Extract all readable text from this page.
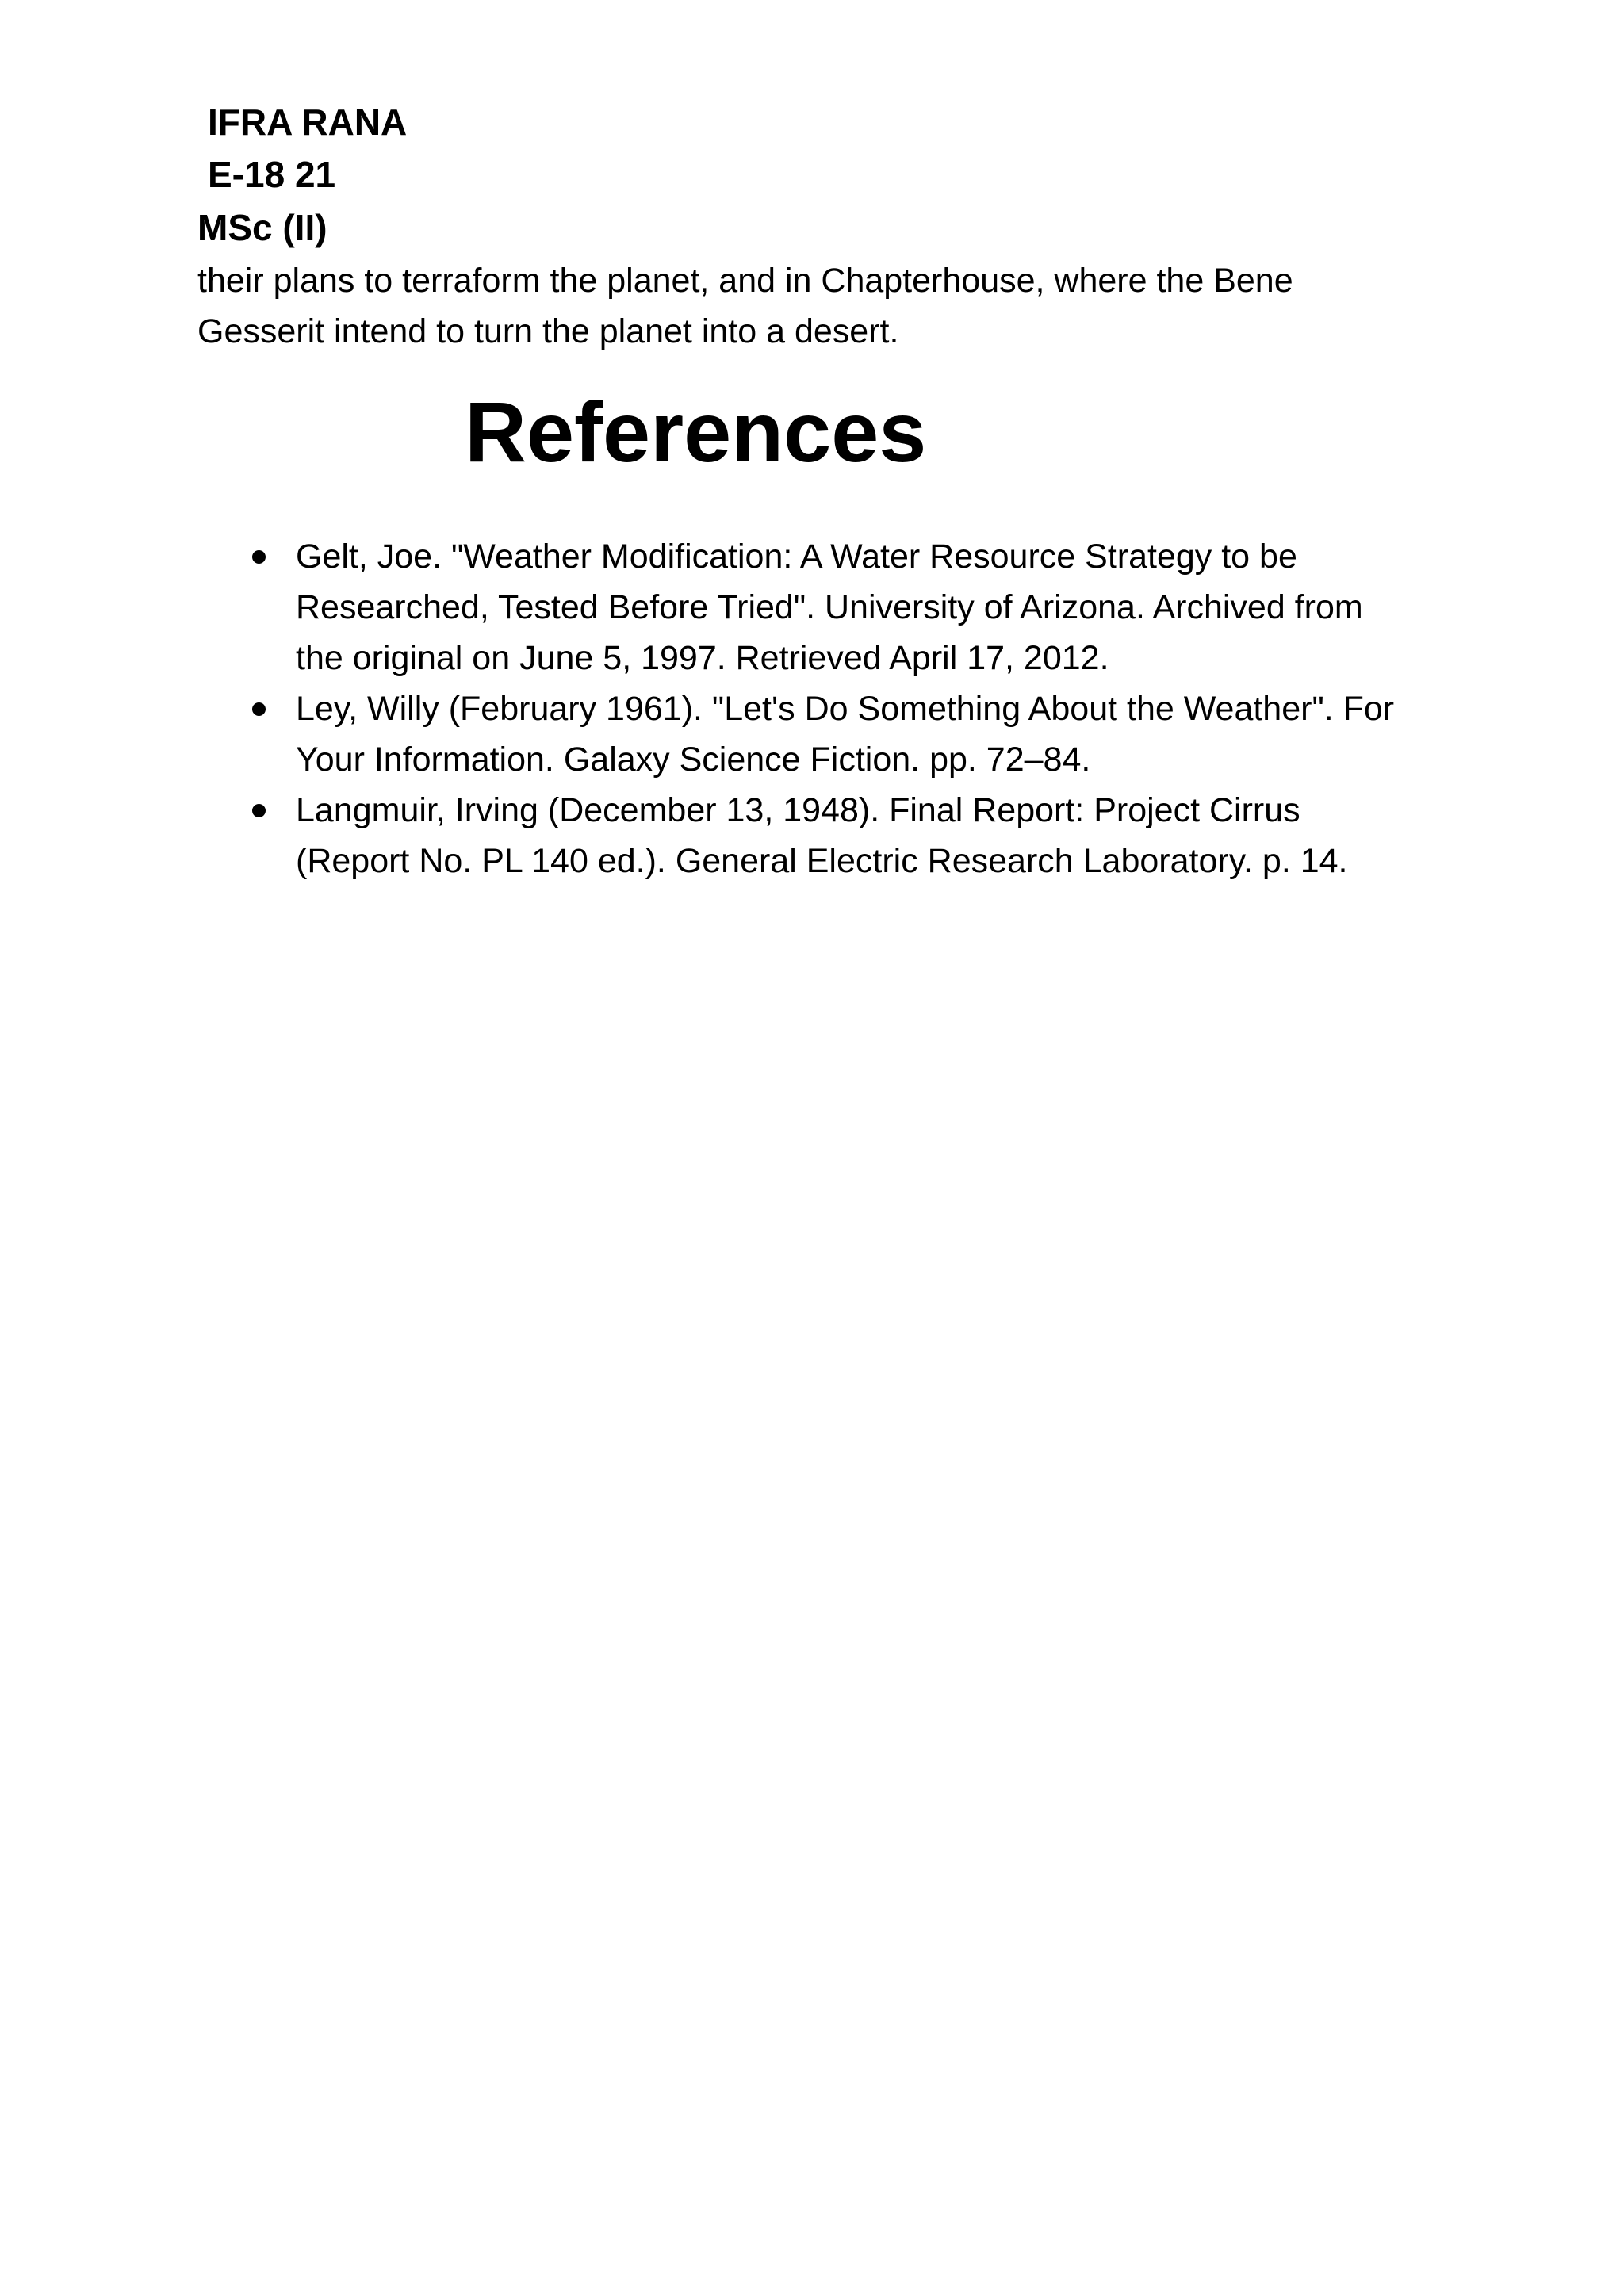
IFRA RANA
E-18 21
MSc (II)

their plans to terraform the planet, and in Chapterhouse, where the Bene

Gesserit intend to turn the planet into a desert.

References
Gelt, Joe. "Weather Modification: A Water Resource Strategy to be
Researched, Tested Before Tried". University of Arizona. Archived from
the original on June 5, 1997. Retrieved April 17, 2012.
Ley, Willy (February 1961). "Let's Do Something About the Weather". For
Your Information. Galaxy Science Fiction. pp. 72–84.
Langmuir, Irving (December 13, 1948). Final Report: Project Cirrus
(Report No. PL 140 ed.). General Electric Research Laboratory. p. 14.
